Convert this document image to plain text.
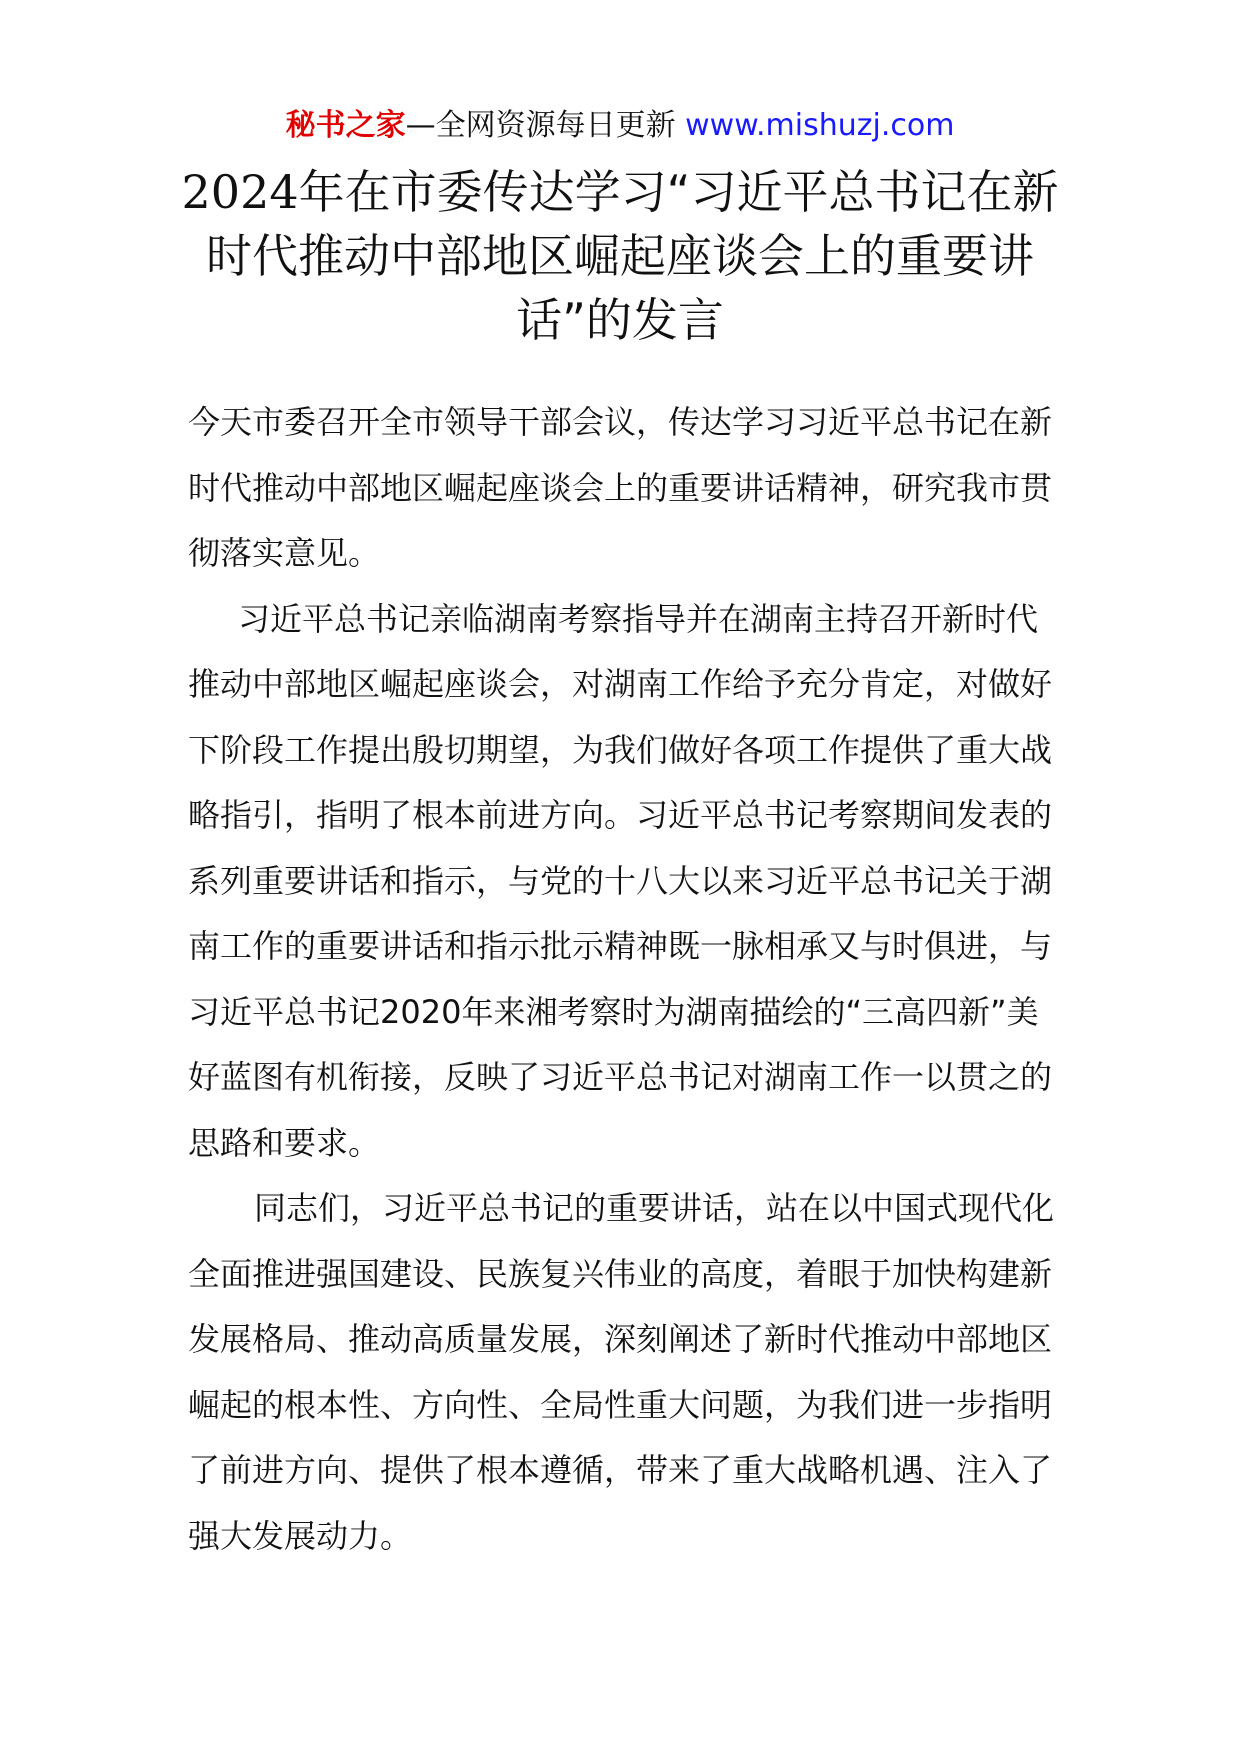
秘书之家—全网资源每日更新 www.mishuzj.com
2024年在市委传达学习“习近平总书记在新时代推动中部地区崛起座谈会上的重要讲话”的发言

今天市委召开全市领导干部会议，传达学习习近平总书记在新时代推动中部地区崛起座谈会上的重要讲话精神，研究我市贯彻落实意见。

习近平总书记亲临湖南考察指导并在湖南主持召开新时代推动中部地区崛起座谈会，对湖南工作给予充分肯定，对做好下阶段工作提出殷切期望，为我们做好各项工作提供了重大战略指引，指明了根本前进方向。习近平总书记考察期间发表的系列重要讲话和指示，与党的十八大以来习近平总书记关于湖南工作的重要讲话和指示批示精神既一脉相承又与时俱进，与习近平总书记2020年来湘考察时为湖南描绘的“三高四新”美好蓝图有机衔接，反映了习近平总书记对湖南工作一以贯之的思路和要求。

同志们，习近平总书记的重要讲话，站在以中国式现代化全面推进强国建设、民族复兴伟业的高度，着眼于加快构建新发展格局、推动高质量发展，深刻阐述了新时代推动中部地区崛起的根本性、方向性、全局性重大问题，为我们进一步指明了前进方向、提供了根本遵循，带来了重大战略机遇、注入了强大发展动力。
